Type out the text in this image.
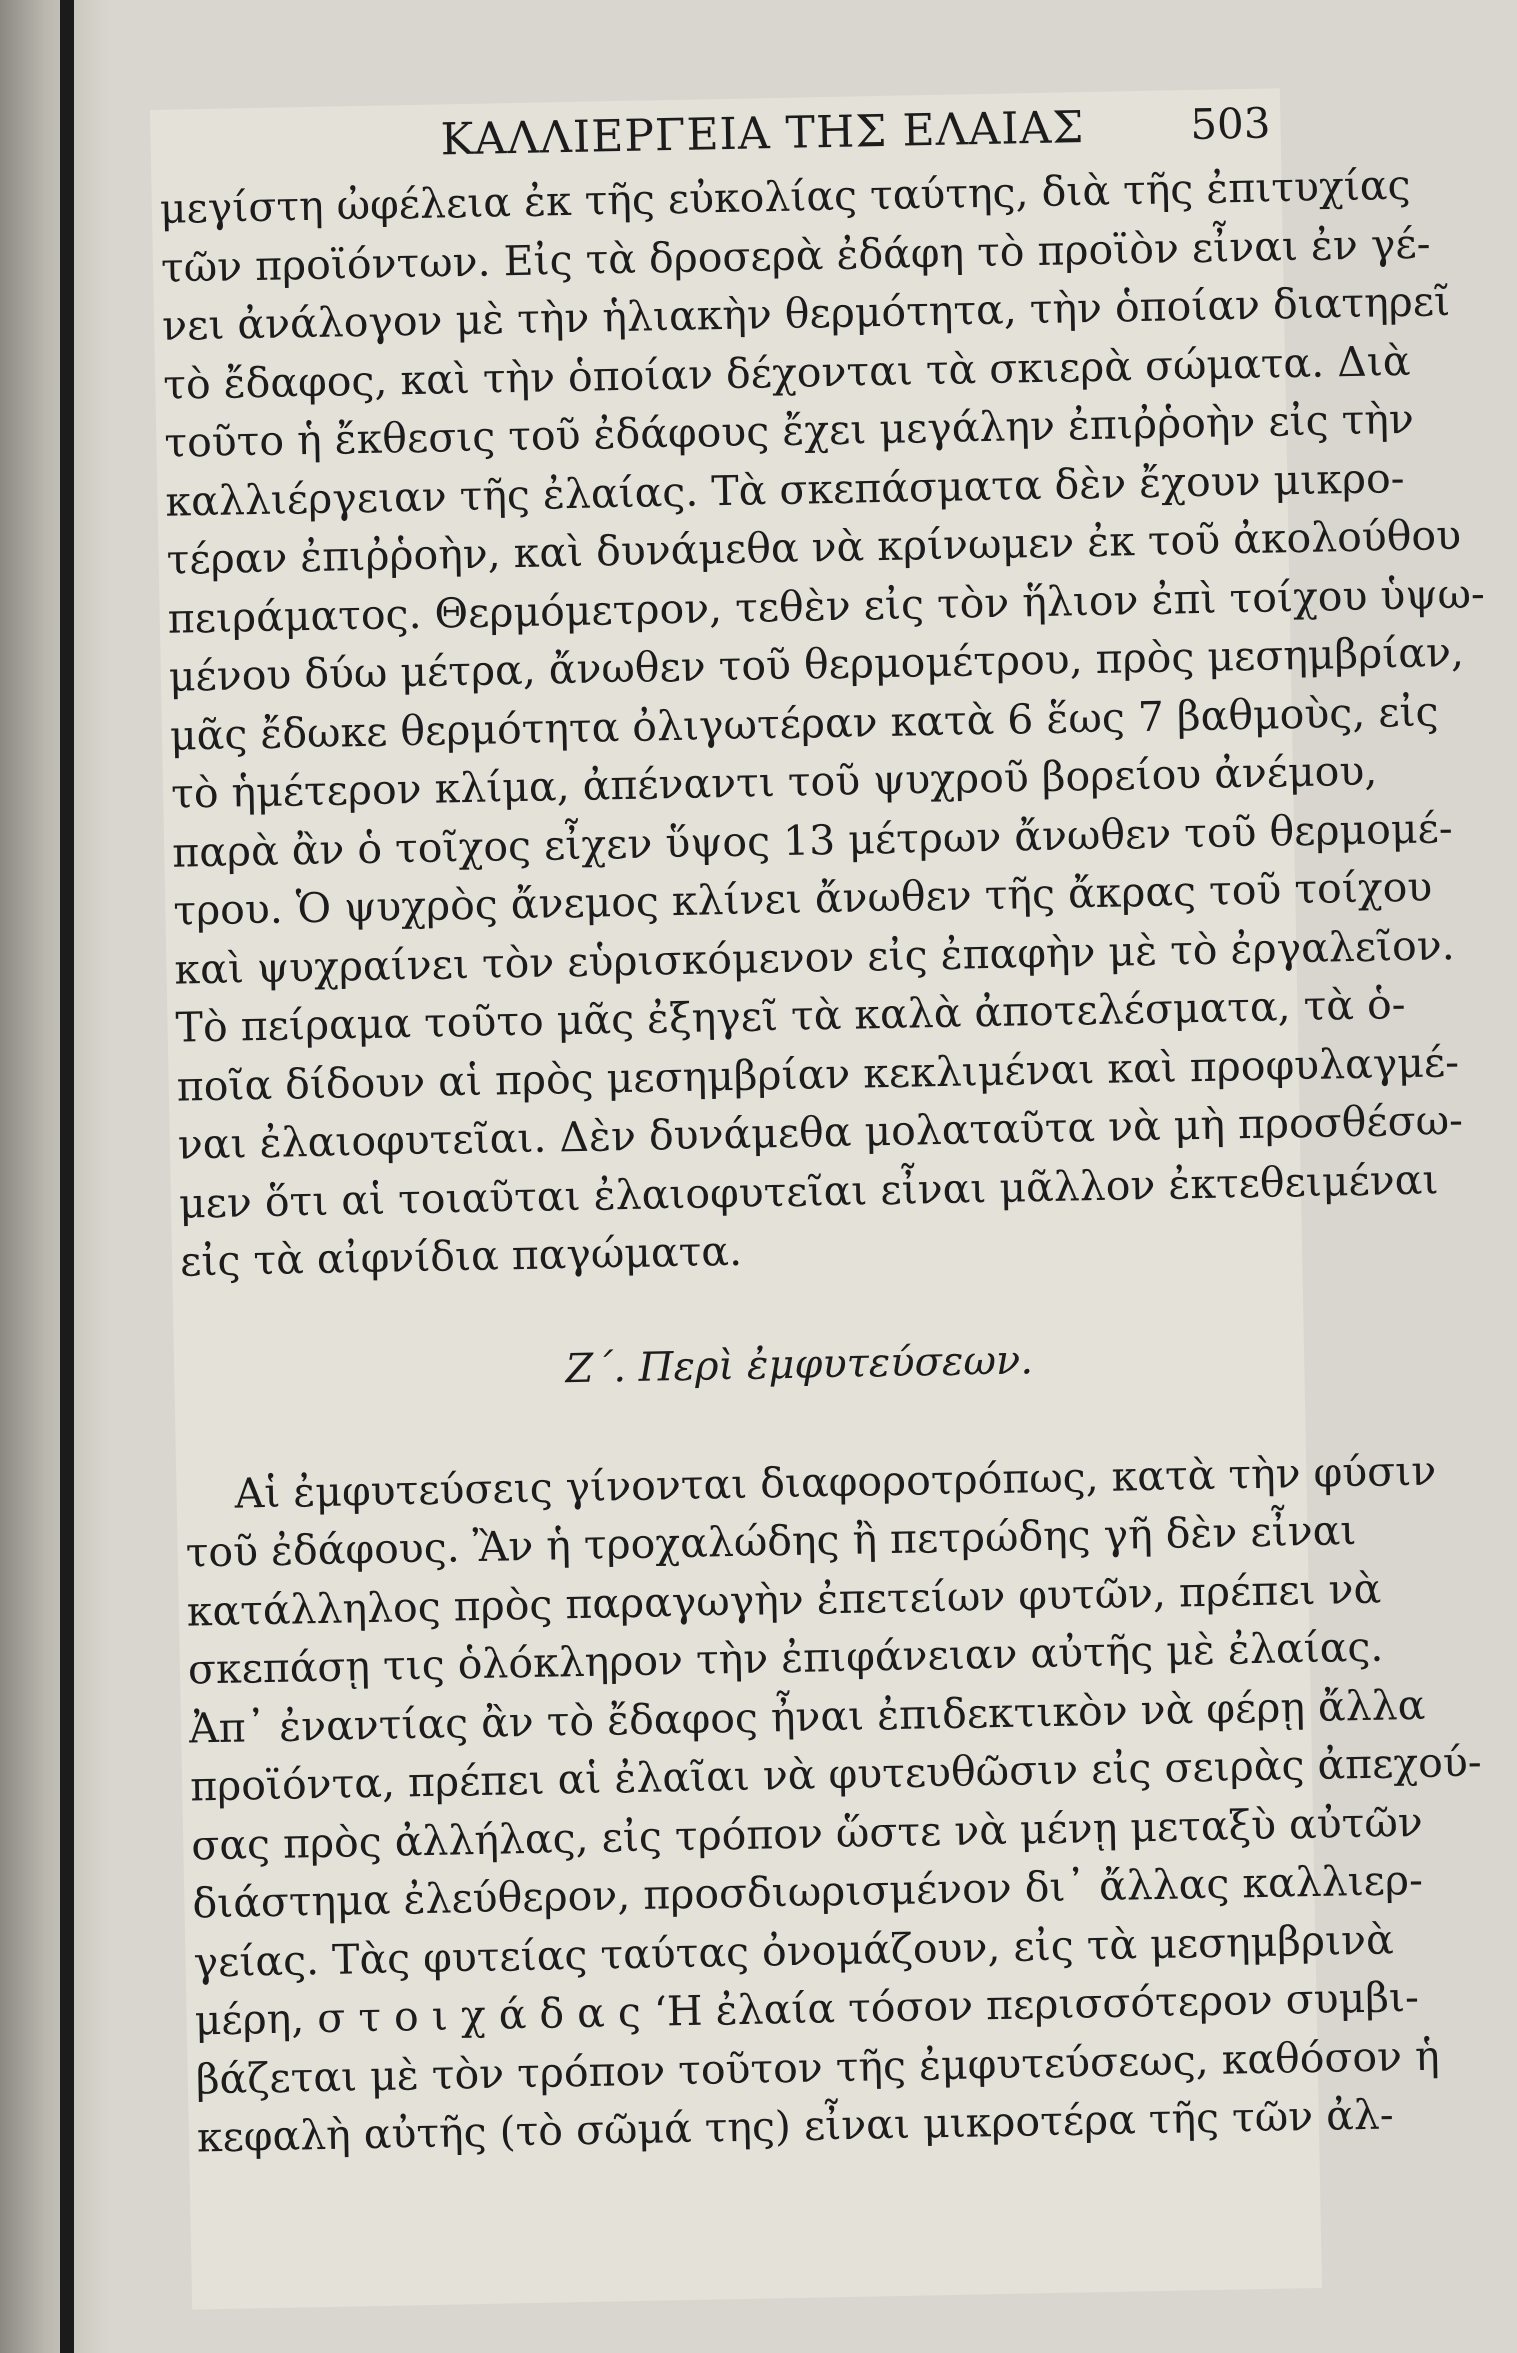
ΚΑΛΛΙΕΡΓΕΙΑ ΤΗΣ ΕΛΑΙΑΣ 503
μεγίστη ὠφέλεια ἐκ τῆς εὐκολίας ταύτης, διὰ τῆς ἐπιτυχίας
τῶν προϊόντων. Εἰς τὰ δροσερὰ ἐδάφη τὸ προϊὸν εἶναι ἐν γέ-
νει ἀνάλογον μὲ τὴν ἡλιακὴν θερμότητα, τὴν ὁποίαν διατηρεῖ
τὸ ἔδαφος, καὶ τὴν ὁποίαν δέχονται τὰ σκιερὰ σώματα. Διὰ
τοῦτο ἡ ἔκθεσις τοῦ ἐδάφους ἔχει μεγάλην ἐπιῤῥοὴν εἰς τὴν
καλλιέργειαν τῆς ἐλαίας. Τὰ σκεπάσματα δὲν ἔχουν μικρο-
τέραν ἐπιῤῥοὴν, καὶ δυνάμεθα νὰ κρίνωμεν ἐκ τοῦ ἀκολούθου
πειράματος. Θερμόμετρον, τεθὲν εἰς τὸν ἥλιον ἐπὶ τοίχου ὑψω-
μένου δύω μέτρα, ἄνωθεν τοῦ θερμομέτρου, πρὸς μεσημβρίαν,
μᾶς ἔδωκε θερμότητα ὀλιγωτέραν κατὰ 6 ἕως 7 βαθμοὺς, εἰς
τὸ ἡμέτερον κλίμα, ἀπέναντι τοῦ ψυχροῦ βορείου ἀνέμου,
παρὰ ἂν ὁ τοῖχος εἶχεν ὕψος 13 μέτρων ἄνωθεν τοῦ θερμομέ-
τρου. Ὁ ψυχρὸς ἄνεμος κλίνει ἄνωθεν τῆς ἄκρας τοῦ τοίχου
καὶ ψυχραίνει τὸν εὑρισκόμενον εἰς ἐπαφὴν μὲ τὸ ἐργαλεῖον.
Τὸ πείραμα τοῦτο μᾶς ἐξηγεῖ τὰ καλὰ ἀποτελέσματα, τὰ ὁ-
ποῖα δίδουν αἱ πρὸς μεσημβρίαν κεκλιμέναι καὶ προφυλαγμέ-
ναι ἐλαιοφυτεῖαι. Δὲν δυνάμεθα μολαταῦτα νὰ μὴ προσθέσω-
μεν ὅτι αἱ τοιαῦται ἐλαιοφυτεῖαι εἶναι μᾶλλον ἐκτεθειμέναι
εἰς τὰ αἰφνίδια παγώματα.
Ζ΄. Περὶ ἐμφυτεύσεων.
Αἱ ἐμφυτεύσεις γίνονται διαφοροτρόπως, κατὰ τὴν φύσιν
τοῦ ἐδάφους. Ἂν ἡ τροχαλώδης ἢ πετρώδης γῆ δὲν εἶναι
κατάλληλος πρὸς παραγωγὴν ἐπετείων φυτῶν, πρέπει νὰ
σκεπάσῃ τις ὁλόκληρον τὴν ἐπιφάνειαν αὐτῆς μὲ ἐλαίας.
Ἀπ᾽ ἐναντίας ἂν τὸ ἔδαφος ἦναι ἐπιδεκτικὸν νὰ φέρῃ ἄλλα
προϊόντα, πρέπει αἱ ἐλαῖαι νὰ φυτευθῶσιν εἰς σειρὰς ἀπεχού-
σας πρὸς ἀλλήλας, εἰς τρόπον ὥστε νὰ μένῃ μεταξὺ αὐτῶν
διάστημα ἐλεύθερον, προσδιωρισμένον δι᾽ ἄλλας καλλιερ-
γείας. Τὰς φυτείας ταύτας ὀνομάζουν, εἰς τὰ μεσημβρινὰ
μέρη, σ τ ο ι χ ά δ α ς ‘Η ἐλαία τόσον περισσότερον συμβι-
βάζεται μὲ τὸν τρόπον τοῦτον τῆς ἐμφυτεύσεως, καθόσον ἡ
κεφαλὴ αὐτῆς (τὸ σῶμά της) εἶναι μικροτέρα τῆς τῶν ἀλ-
